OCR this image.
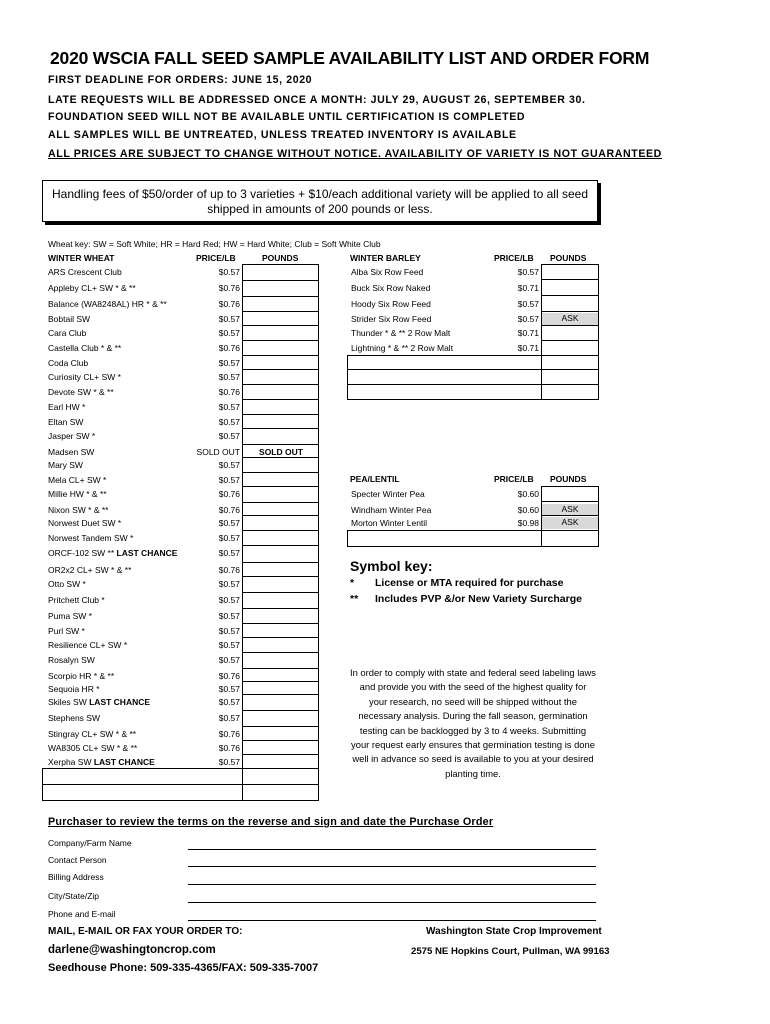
2020 WSCIA FALL SEED SAMPLE AVAILABILITY LIST AND ORDER FORM
FIRST DEADLINE FOR ORDERS: JUNE 15, 2020
LATE REQUESTS WILL BE ADDRESSED ONCE A MONTH: JULY 29, AUGUST 26, SEPTEMBER 30.
FOUNDATION SEED WILL NOT BE AVAILABLE UNTIL CERTIFICATION IS COMPLETED
ALL SAMPLES WILL BE UNTREATED, UNLESS TREATED INVENTORY IS AVAILABLE
ALL PRICES ARE SUBJECT TO CHANGE WITHOUT NOTICE. AVAILABILITY OF VARIETY IS NOT GUARANTEED
Handling fees of $50/order of up to 3 varieties + $10/each additional variety will be applied to all seed
shipped in amounts of 200 pounds or less.
Wheat key: SW = Soft White; HR = Hard Red; HW = Hard White; Club = Soft White Club
WINTER WHEAT	PRICE/LB	POUNDS
ARS Crescent Club	$0.57
Appleby CL+ SW * & **	$0.76
Balance (WA8248AL) HR * & **	$0.76
Bobtail SW	$0.57
Cara Club	$0.57
Castella Club * & **	$0.76
Coda Club	$0.57
Curiosity CL+ SW *	$0.57
Devote SW * & **	$0.76
Earl HW *	$0.57
Eltan SW	$0.57
Jasper SW *	$0.57
Madsen SW	SOLD OUT	SOLD OUT
Mary SW	$0.57
Mela CL+ SW *	$0.57
Millie HW * & **	$0.76
Nixon SW * & **	$0.76
Norwest Duet SW *	$0.57
Norwest Tandem SW *	$0.57
ORCF-102 SW ** LAST CHANCE	$0.57
OR2x2 CL+ SW * & **	$0.76
Otto SW *	$0.57
Pritchett Club *	$0.57
Puma SW *	$0.57
Purl SW *	$0.57
Resilience CL+ SW *	$0.57
Rosalyn SW	$0.57
Scorpio HR * & **	$0.76
Sequoia HR *	$0.57
Skiles SW LAST CHANCE	$0.57
Stephens SW	$0.57
Stingray CL+ SW * & **	$0.76
WA8305 CL+ SW * & **	$0.76
Xerpha SW LAST CHANCE	$0.57
WINTER BARLEY	PRICE/LB POUNDS
Alba Six Row Feed	$0.57
Buck Six Row Naked	$0.71
Hoody Six Row Feed	$0.57
Strider Six Row Feed	$0.57	ASK
Thunder * & ** 2 Row Malt	$0.71
Lightning * & ** 2 Row Malt	$0.71
PEA/LENTIL	PRICE/LB POUNDS
Specter Winter Pea	$0.60
Windham Winter Pea	$0.60	ASK
Morton Winter Lentil	$0.98	ASK
Symbol key:
* License or MTA required for purchase
** Includes PVP &/or New Variety Surcharge
In order to comply with state and federal seed labeling laws and provide you with the seed of the highest quality for your research, no seed will be shipped without the necessary analysis. During the fall season, germination testing can be backlogged by 3 to 4 weeks. Submitting your request early ensures that germination testing is done well in advance so seed is available to you at your desired planting time.
Purchaser to review the terms on the reverse and sign and date the Purchase Order
Company/Farm Name
Contact Person
Billing Address
City/State/Zip
Phone and E-mail
MAIL, E-MAIL OR FAX YOUR ORDER TO:
darlene@washingtoncrop.com
Seedhouse Phone: 509-335-4365/FAX: 509-335-7007
Washington State Crop Improvement
2575 NE Hopkins Court, Pullman, WA 99163
